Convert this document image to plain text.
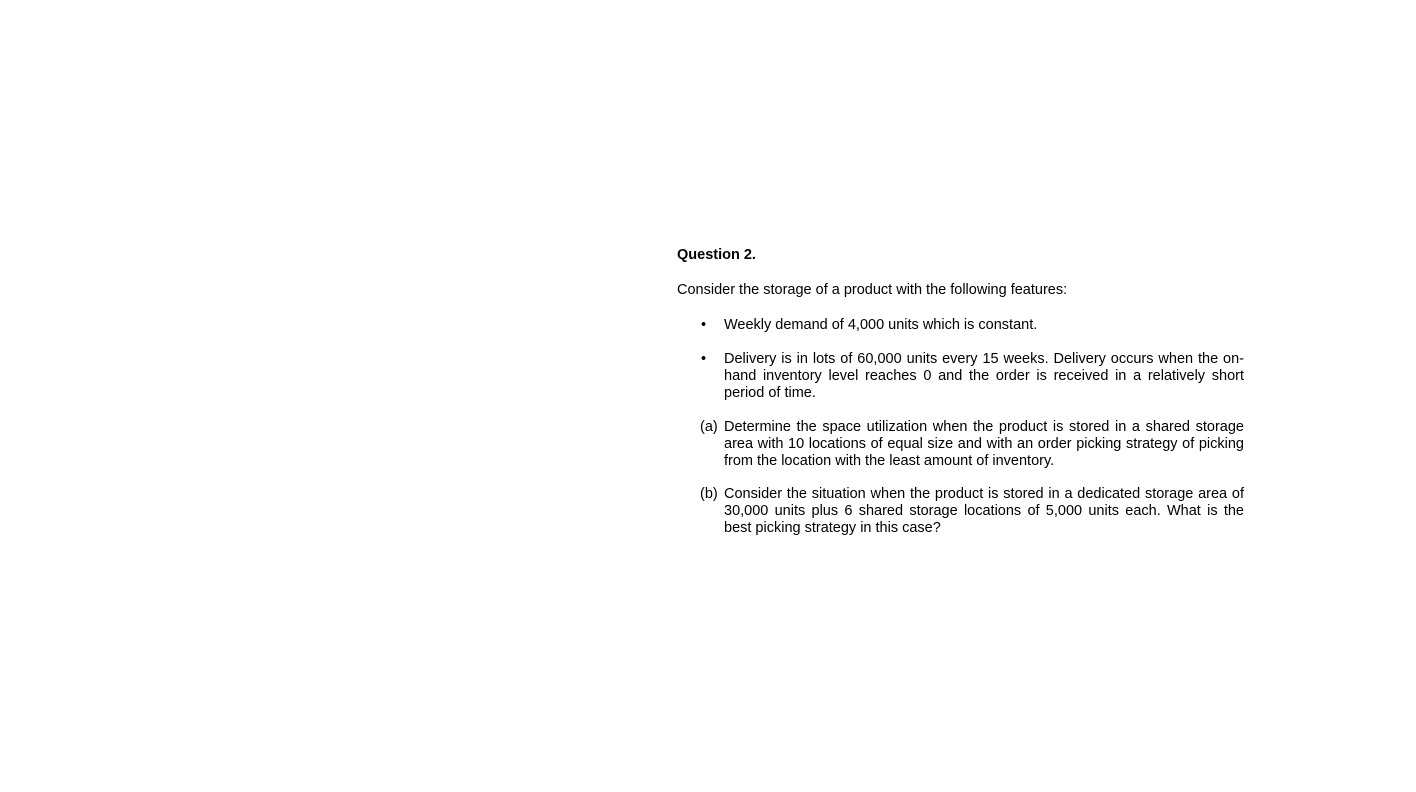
Question 2.
Consider the storage of a product with the following features:
• Weekly demand of 4,000 units which is constant.
• Delivery is in lots of 60,000 units every 15 weeks. Delivery occurs when the on-hand inventory level reaches 0 and the order is received in a relatively short period of time.
(a) Determine the space utilization when the product is stored in a shared storage area with 10 locations of equal size and with an order picking strategy of picking from the location with the least amount of inventory.
(b) Consider the situation when the product is stored in a dedicated storage area of 30,000 units plus 6 shared storage locations of 5,000 units each. What is the best picking strategy in this case?
